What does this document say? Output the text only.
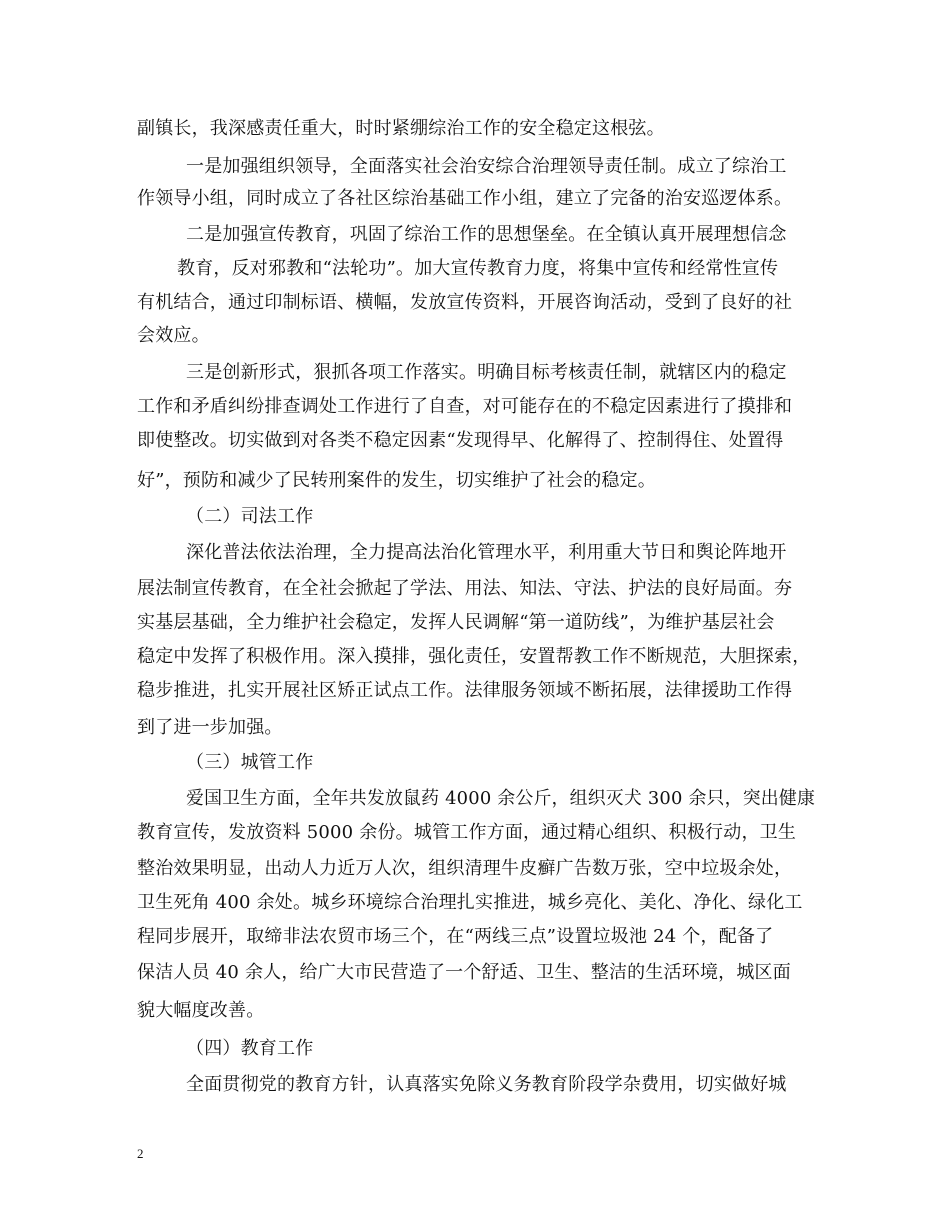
副镇长，我深感责任重大，时时紧绷综治工作的安全稳定这根弦。
一是加强组织领导，全面落实社会治安综合治理领导责任制。成立了综治工
作领导小组，同时成立了各社区综治基础工作小组，建立了完备的治安巡逻体系。
二是加强宣传教育，巩固了综治工作的思想堡垒。在全镇认真开展理想信念
教育，反对邪教和“法轮功”。加大宣传教育力度，将集中宣传和经常性宣传
有机结合，通过印制标语、横幅，发放宣传资料，开展咨询活动，受到了良好的社
会效应。
三是创新形式，狠抓各项工作落实。明确目标考核责任制，就辖区内的稳定
工作和矛盾纠纷排查调处工作进行了自查，对可能存在的不稳定因素进行了摸排和
即使整改。切实做到对各类不稳定因素“发现得早、化解得了、控制得住、处置得
好”，预防和减少了民转刑案件的发生，切实维护了社会的稳定。
（二）司法工作
深化普法依法治理，全力提高法治化管理水平，利用重大节日和舆论阵地开
展法制宣传教育，在全社会掀起了学法、用法、知法、守法、护法的良好局面。夯
实基层基础，全力维护社会稳定，发挥人民调解“第一道防线”，为维护基层社会
稳定中发挥了积极作用。深入摸排，强化责任，安置帮教工作不断规范，大胆探索，
稳步推进，扎实开展社区矫正试点工作。法律服务领域不断拓展，法律援助工作得
到了进一步加强。
（三）城管工作
爱国卫生方面，全年共发放鼠药 4000 余公斤，组织灭犬 300 余只，突出健康
教育宣传，发放资料 5000 余份。城管工作方面，通过精心组织、积极行动，卫生
整治效果明显，出动人力近万人次，组织清理牛皮癣广告数万张，空中垃圾余处，
卫生死角 400 余处。城乡环境综合治理扎实推进，城乡亮化、美化、净化、绿化工
程同步展开，取缔非法农贸市场三个，在“两线三点”设置垃圾池 24 个，配备了
保洁人员 40 余人，给广大市民营造了一个舒适、卫生、整洁的生活环境，城区面
貌大幅度改善。
（四）教育工作
全面贯彻党的教育方针，认真落实免除义务教育阶段学杂费用，切实做好城
2
